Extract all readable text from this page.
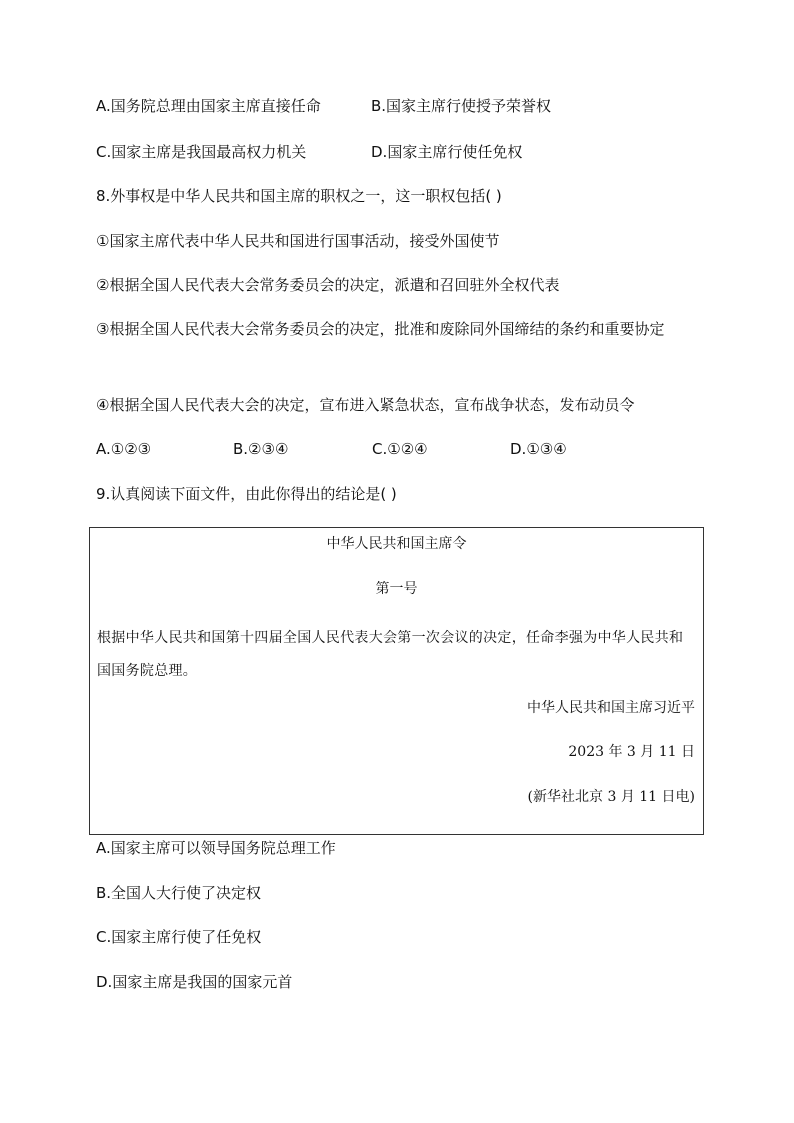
A.国务院总理由国家主席直接任命	B.国家主席行使授予荣誉权
C.国家主席是我国最高权力机关	D.国家主席行使任免权
8.外事权是中华人民共和国主席的职权之一，这一职权包括( )
①国家主席代表中华人民共和国进行国事活动，接受外国使节
②根据全国人民代表大会常务委员会的决定，派遣和召回驻外全权代表
③根据全国人民代表大会常务委员会的决定，批准和废除同外国缔结的条约和重要协定
④根据全国人民代表大会的决定，宣布进入紧急状态，宣布战争状态，发布动员令
A.①②③	B.②③④	C.①②④	D.①③④
9.认真阅读下面文件，由此你得出的结论是( )
中华人民共和国主席令
第一号
根据中华人民共和国第十四届全国人民代表大会第一次会议的决定，任命李强为中华人民共和国国务院总理。
中华人民共和国主席习近平
2023 年 3 月 11 日
(新华社北京 3 月 11 日电)
A.国家主席可以领导国务院总理工作
B.全国人大行使了决定权
C.国家主席行使了任免权
D.国家主席是我国的国家元首
